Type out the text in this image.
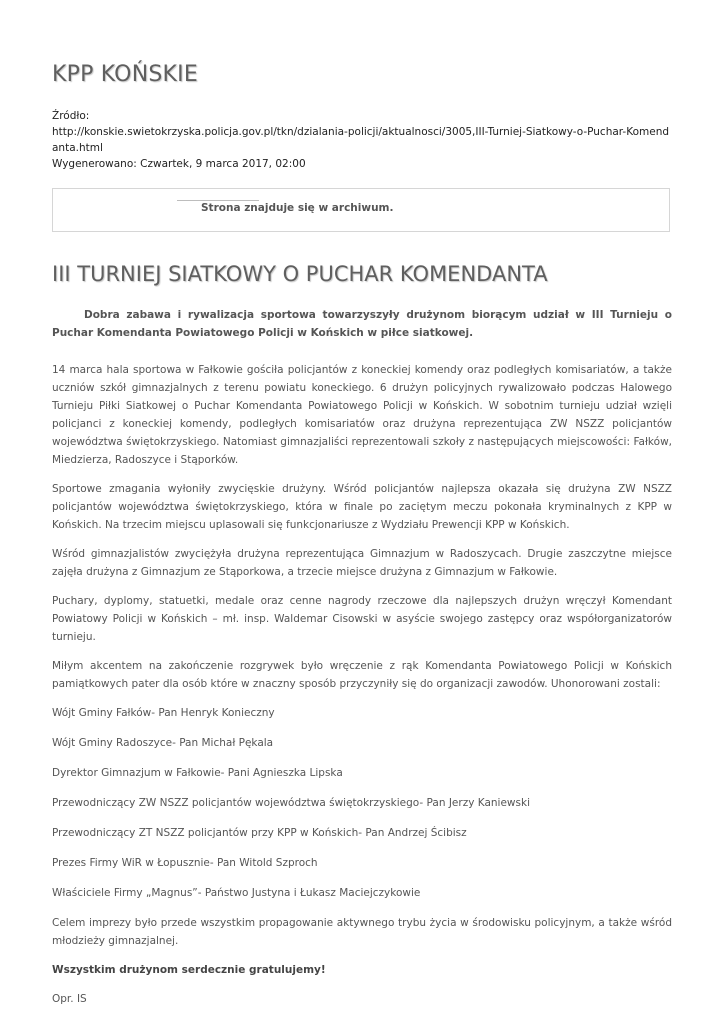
KPP KOŃSKIE
Źródło:
http://konskie.swietokrzyska.policja.gov.pl/tkn/dzialania-policji/aktualnosci/3005,III-Turniej-Siatkowy-o-Puchar-Komendanta.html
Wygenerowano: Czwartek, 9 marca 2017, 02:00
Strona znajduje się w archiwum.
III TURNIEJ SIATKOWY O PUCHAR KOMENDANTA

Dobra zabawa i rywalizacja sportowa towarzyszyły drużynom biorącym udział w III Turnieju o Puchar Komendanta Powiatowego Policji w Końskich w piłce siatkowej.

14 marca hala sportowa w Fałkowie gościła policjantów z koneckiej komendy oraz podległych komisariatów, a także uczniów szkół gimnazjalnych z terenu powiatu koneckiego. 6 drużyn policyjnych rywalizowało podczas Halowego Turnieju Piłki Siatkowej o Puchar Komendanta Powiatowego Policji w Końskich. W sobotnim turnieju udział wzięli policjanci z koneckiej komendy, podległych komisariatów oraz drużyna reprezentująca ZW NSZZ policjantów województwa świętokrzyskiego. Natomiast gimnazjaliści reprezentowali szkoły z następujących miejscowości: Fałków, Miedzierza, Radoszyce i Stąporków.

Sportowe zmagania wyłoniły zwycięskie drużyny. Wśród policjantów najlepsza okazała się drużyna ZW NSZZ policjantów województwa świętokrzyskiego, która w finale po zaciętym meczu pokonała kryminalnych z KPP w Końskich. Na trzecim miejscu uplasowali się funkcjonariusze z Wydziału Prewencji KPP w Końskich.

Wśród gimnazjalistów zwyciężyła drużyna reprezentująca Gimnazjum w Radoszycach. Drugie zaszczytne miejsce zajęła drużyna z Gimnazjum ze Stąporkowa, a trzecie miejsce drużyna z Gimnazjum w Fałkowie.

Puchary, dyplomy, statuetki, medale oraz cenne nagrody rzeczowe dla najlepszych drużyn wręczył Komendant Powiatowy Policji w Końskich – mł. insp. Waldemar Cisowski w asyście swojego zastępcy oraz współorganizatorów turnieju.

Miłym akcentem na zakończenie rozgrywek było wręczenie z rąk Komendanta Powiatowego Policji w Końskich pamiątkowych pater dla osób które w znaczny sposób przyczyniły się do organizacji zawodów. Uhonorowani zostali:

Wójt Gminy Fałków- Pan Henryk Konieczny

Wójt Gminy Radoszyce- Pan Michał Pękala

Dyrektor Gimnazjum w Fałkowie- Pani Agnieszka Lipska

Przewodniczący ZW NSZZ policjantów województwa świętokrzyskiego- Pan Jerzy Kaniewski

Przewodniczący ZT NSZZ policjantów przy KPP w Końskich- Pan Andrzej Ścibisz

Prezes Firmy WiR w Łopusznie- Pan Witold Szproch

Właściciele Firmy „Magnus”- Państwo Justyna i Łukasz Maciejczykowie

Celem imprezy było przede wszystkim propagowanie aktywnego trybu życia w środowisku policyjnym, a także wśród młodzieży gimnazjalnej.

Wszystkim drużynom serdecznie gratulujemy!

Opr. IS
